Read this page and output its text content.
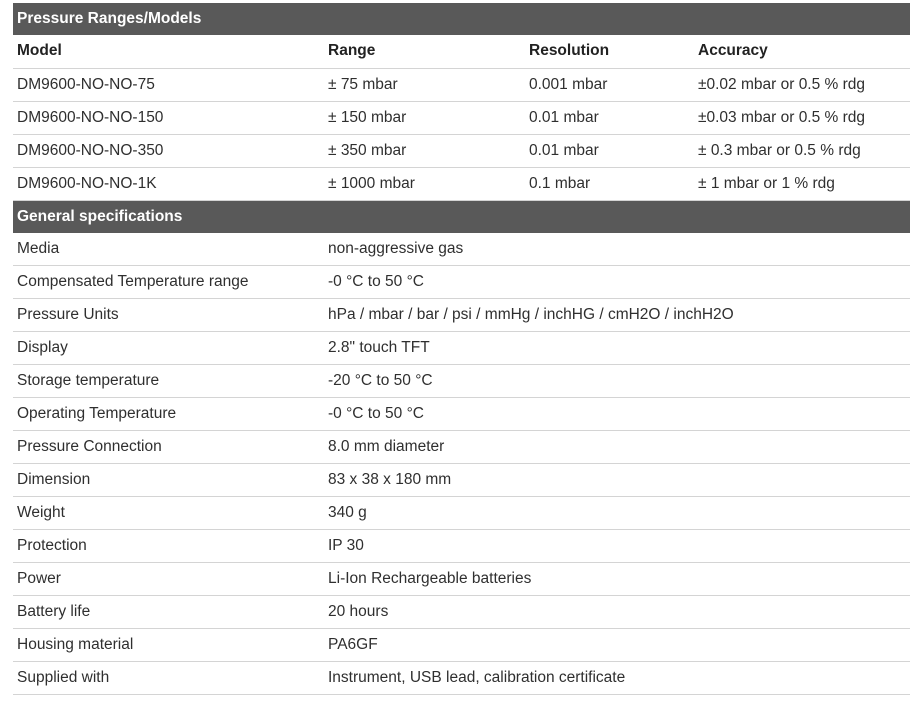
Pressure Ranges/Models
Model	Range	Resolution	Accuracy
DM9600-NO-NO-75	± 75 mbar	0.001 mbar	±0.02 mbar or 0.5 % rdg
DM9600-NO-NO-150	± 150 mbar	0.01 mbar	±0.03 mbar or 0.5 % rdg
DM9600-NO-NO-350	± 350 mbar	0.01 mbar	± 0.3 mbar or 0.5 % rdg
DM9600-NO-NO-1K	± 1000 mbar	0.1 mbar	± 1 mbar or 1 % rdg
General specifications
Media	non-aggressive gas
Compensated Temperature range	-0 °C to 50 °C
Pressure Units	hPa / mbar / bar / psi / mmHg / inchHG / cmH2O / inchH2O
Display	2.8" touch TFT
Storage temperature	-20 °C to 50 °C
Operating Temperature	-0 °C to 50 °C
Pressure Connection	8.0 mm diameter
Dimension	83 x 38 x 180 mm
Weight	340 g
Protection	IP 30
Power	Li-Ion Rechargeable batteries
Battery life	20 hours
Housing material	PA6GF
Supplied with	Instrument, USB lead, calibration certificate
